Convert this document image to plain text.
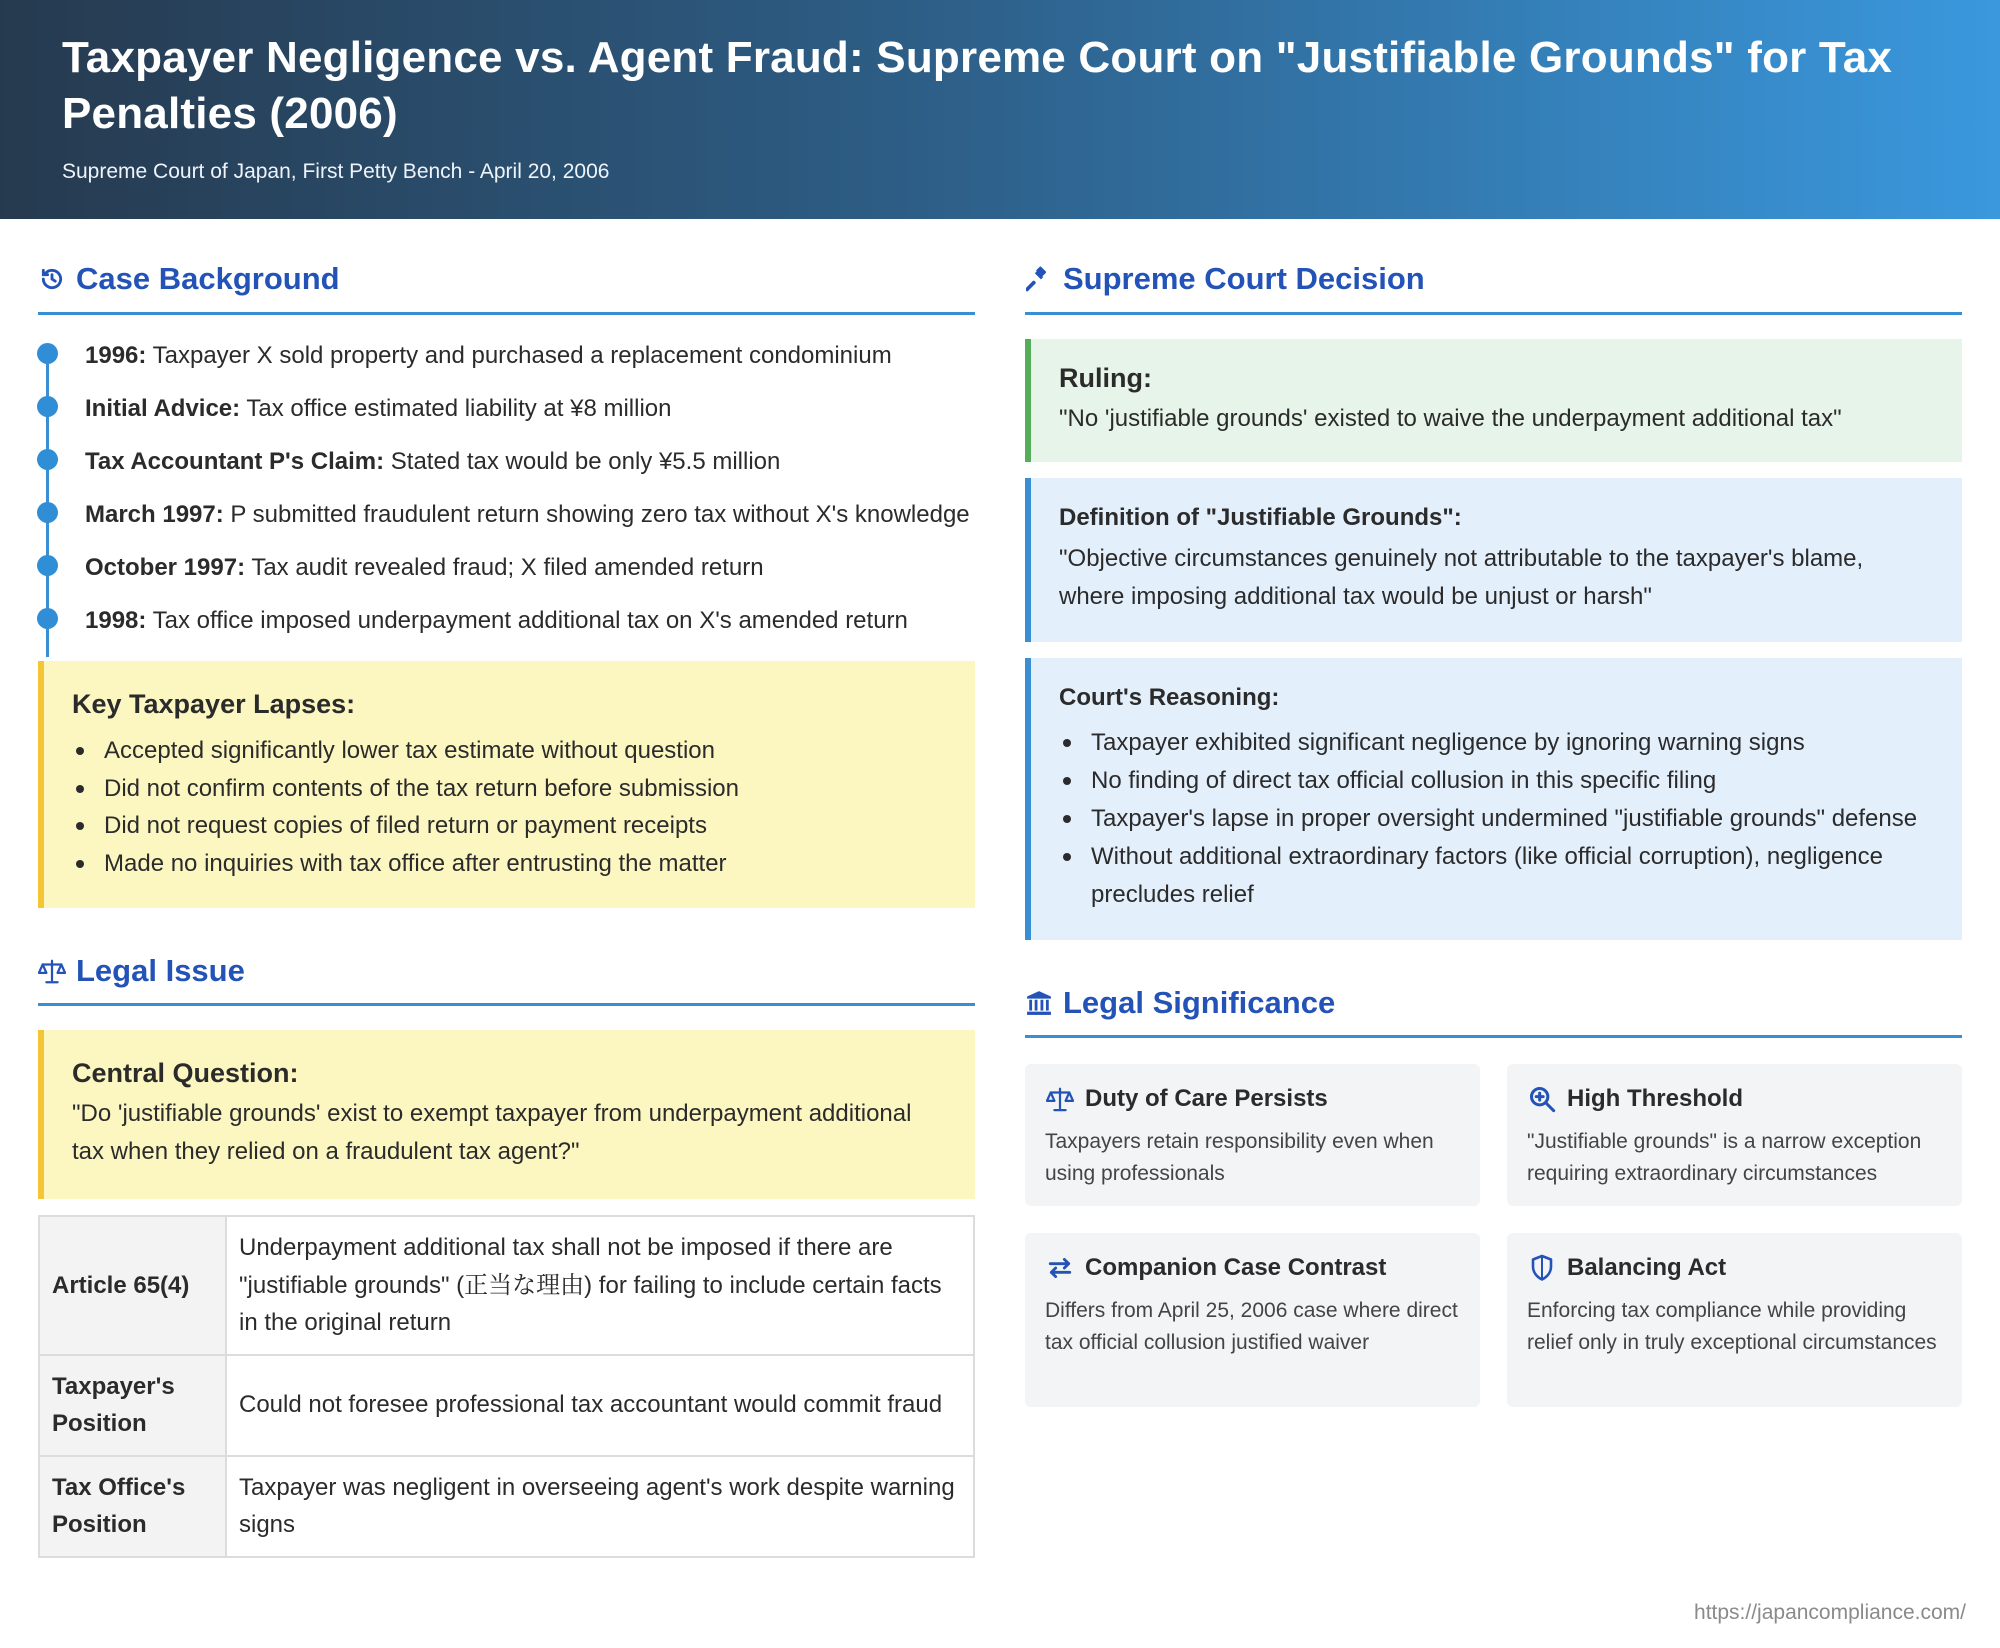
Taxpayer Negligence vs. Agent Fraud: Supreme Court on "Justifiable Grounds" for Tax Penalties (2006)
Supreme Court of Japan, First Petty Bench - April 20, 2006
Case Background
1996: Taxpayer X sold property and purchased a replacement condominium
Initial Advice: Tax office estimated liability at ¥8 million
Tax Accountant P's Claim: Stated tax would be only ¥5.5 million
March 1997: P submitted fraudulent return showing zero tax without X's knowledge
October 1997: Tax audit revealed fraud; X filed amended return
1998: Tax office imposed underpayment additional tax on X's amended return
Key Taxpayer Lapses:
Accepted significantly lower tax estimate without question
Did not confirm contents of the tax return before submission
Did not request copies of filed return or payment receipts
Made no inquiries with tax office after entrusting the matter
Legal Issue
Central Question:

"Do 'justifiable grounds' exist to exempt taxpayer from underpayment additional tax when they relied on a fraudulent tax agent?"

Article 65(4)	Underpayment additional tax shall not be imposed if there are "justifiable grounds" (正当な理由) for failing to include certain facts in the original return
Taxpayer's Position	Could not foresee professional tax accountant would commit fraud
Tax Office's Position	Taxpayer was negligent in overseeing agent's work despite warning signs
Supreme Court Decision
Ruling:

"No 'justifiable grounds' existed to waive the underpayment additional tax"

Definition of "Justifiable Grounds":

"Objective circumstances genuinely not attributable to the taxpayer's blame, where imposing additional tax would be unjust or harsh"

Court's Reasoning:
Taxpayer exhibited significant negligence by ignoring warning signs
No finding of direct tax official collusion in this specific filing
Taxpayer's lapse in proper oversight undermined "justifiable grounds" defense
Without additional extraordinary factors (like official corruption), negligence precludes relief
Legal Significance
Duty of Care Persists

Taxpayers retain responsibility even when using professionals

High Threshold

"Justifiable grounds" is a narrow exception requiring extraordinary circumstances

Companion Case Contrast

Differs from April 25, 2006 case where direct tax official collusion justified waiver

Balancing Act

Enforcing tax compliance while providing relief only in truly exceptional circumstances

https://japancompliance.com/
